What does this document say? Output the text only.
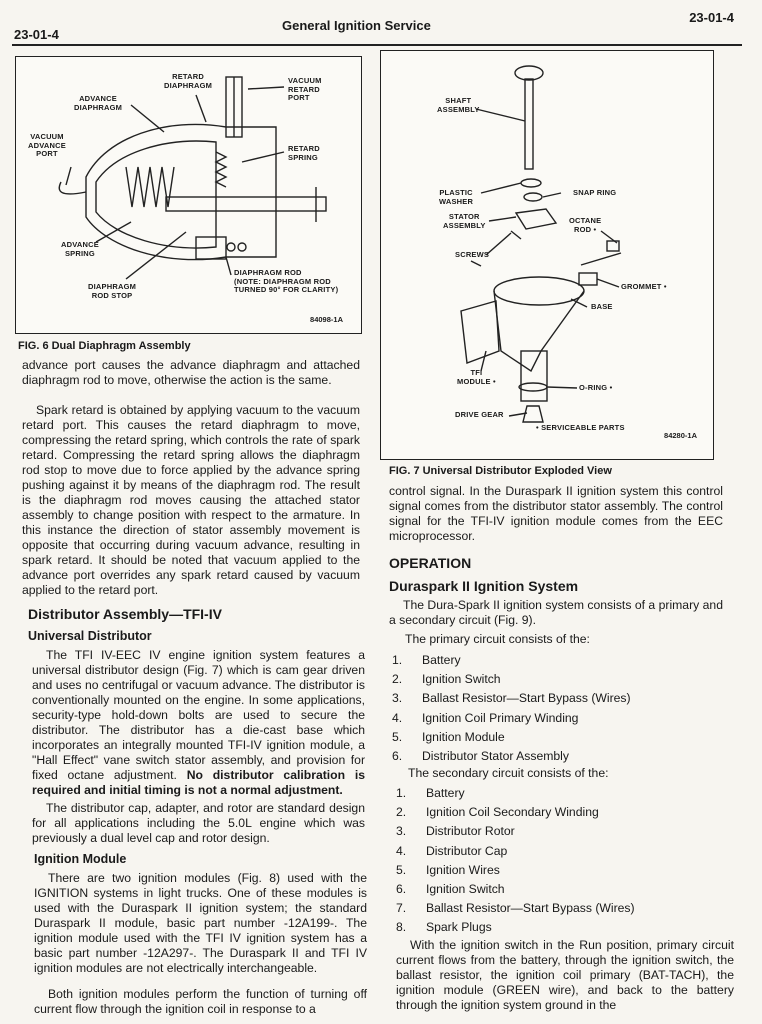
23-01-4
General Ignition Service
23-01-4
RETARD
DIAPHRAGM	VACUUM
RETARD
PORT
ADVANCE
DIAPHRAGM
VACUUM
ADVANCE
PORT
RETARD
SPRING
ADVANCE
SPRING
DIAPHRAGM
ROD STOP
DIAPHRAGM ROD
(NOTE: DIAPHRAGM ROD
TURNED 90° FOR CLARITY)
84098-1A
FIG. 6 Dual Diaphragm Assembly
SHAFT
ASSEMBLY
PLASTIC
WASHER
SNAP RING
STATOR
ASSEMBLY	OCTANE
ROD •
SCREWS
GROMMET •
BASE
TFI
MODULE •
O-RING •
DRIVE GEAR
• SERVICEABLE PARTS
84280-1A
FIG. 7 Universal Distributor Exploded View

advance port causes the advance diaphragm and attached diaphragm rod to move, otherwise the action is the same.

Spark retard is obtained by applying vacuum to the vacuum retard port. This causes the retard diaphragm to move, compressing the retard spring, which controls the rate of spark retard. Compressing the retard spring allows the diaphragm rod stop to move due to force applied by the advance spring pushing against it by means of the diaphragm rod. The result is the diaphragm rod moves causing the attached stator assembly to change position with respect to the armature. In this instance the direction of stator assembly movement is opposite that occurring during vacuum advance, resulting in spark retard. It should be noted that vacuum applied to the advance port overrides any spark retard caused by vacuum applied to the retard port.

Distributor Assembly—TFI-IV
Universal Distributor

The TFI IV-EEC IV engine ignition system features a universal distributor design (Fig. 7) which is cam gear driven and uses no centrifugal or vacuum advance. The distributor is conventionally mounted on the engine. In some applications, security-type hold-down bolts are used to secure the distributor. The distributor has a die-cast base which incorporates an integrally mounted TFI-IV ignition module, a "Hall Effect" vane switch stator assembly, and provision for fixed octane adjustment. No distributor calibration is required and initial timing is not a normal adjustment.

The distributor cap, adapter, and rotor are standard design for all applications including the 5.0L engine which was previously a dual level cap and rotor design.

Ignition Module

There are two ignition modules (Fig. 8) used with the IGNITION systems in light trucks. One of these modules is used with the Duraspark II ignition system; the standard Duraspark II module, basic part number -12A199-. The ignition module used with the TFI IV ignition system has a basic part number -12A297-. The Duraspark II and TFI IV ignition modules are not electrically interchangeable.

Both ignition modules perform the function of turning off current flow through the ignition coil in response to a

control signal. In the Duraspark II ignition system this control signal comes from the distributor stator assembly. The control signal for the TFI-IV ignition module comes from the EEC microprocessor.

OPERATION
Duraspark II Ignition System

The Dura-Spark II ignition system consists of a primary and a secondary circuit (Fig. 9).

The primary circuit consists of the:

1.	Battery
2.	Ignition Switch
3.	Ballast Resistor—Start Bypass (Wires)
4.	Ignition Coil Primary Winding
5.	Ignition Module
6.	Distributor Stator Assembly

The secondary circuit consists of the:

1.	Battery
2.	Ignition Coil Secondary Winding
3.	Distributor Rotor
4.	Distributor Cap
5.	Ignition Wires
6.	Ignition Switch
7.	Ballast Resistor—Start Bypass (Wires)
8.	Spark Plugs

With the ignition switch in the Run position, primary circuit current flows from the battery, through the ignition switch, the ballast resistor, the ignition coil primary (BAT-TACH), the ignition module (GREEN wire), and back to the battery through the ignition system ground in the
